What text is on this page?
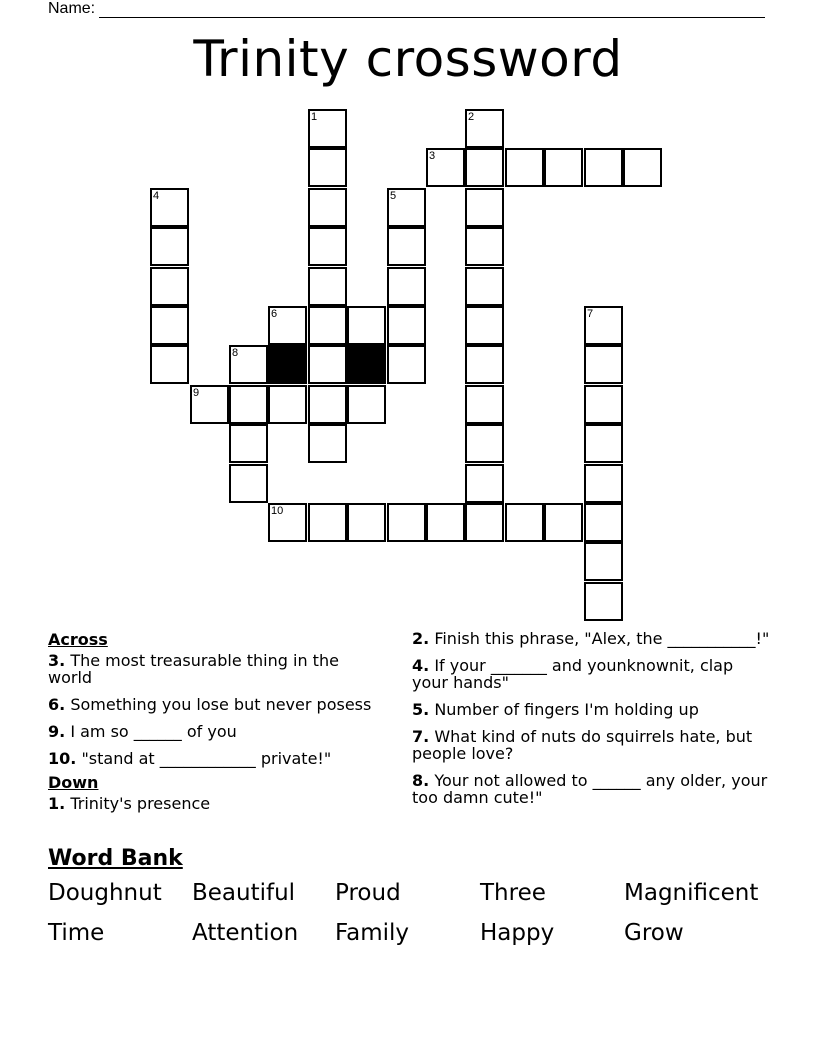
Name:
Trinity crossword
1	2
3
4	5
6	7
8
9
10
Across
3. The most treasurable thing in the world
6. Something you lose but never posess
9. I am so ______ of you
10. "stand at ____________ private!"
Down
1. Trinity's presence
2. Finish this phrase, "Alex, the ___________!"
4. If your _______ and younknownit, clap your hands"
5. Number of fingers I'm holding up
7. What kind of nuts do squirrels hate, but people love?
8. Your not allowed to ______ any older, your too damn cute!"
Word Bank
Doughnut	Beautiful	Proud	Three	Magnificent
Time	Attention	Family	Happy	Grow
